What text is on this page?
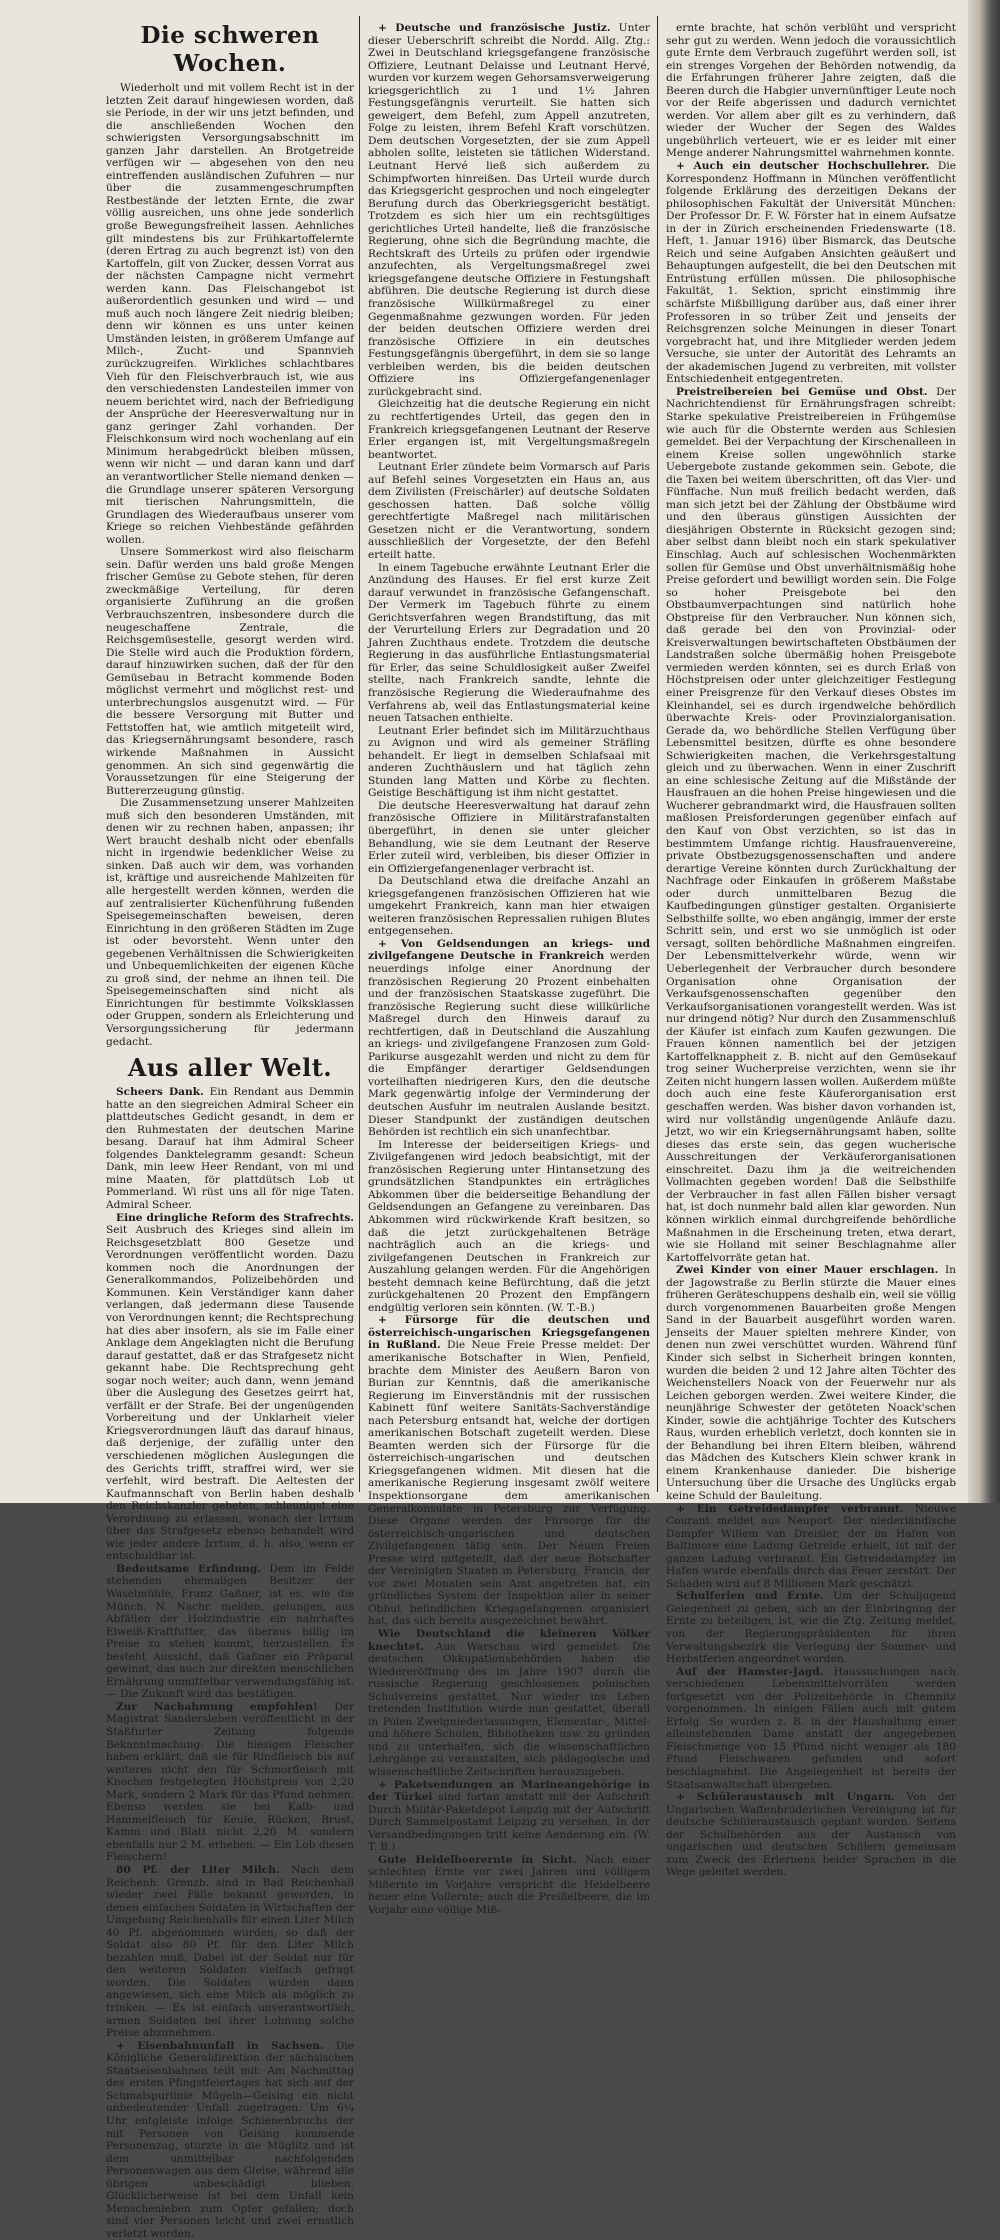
Die schweren Wochen.

Wiederholt und mit vollem Recht ist in der letzten Zeit darauf hingewiesen worden, daß sie Periode, in der wir uns jetzt befinden, und die anschließenden Wochen den schwierigsten Versorgungsabschnitt im ganzen Jahr darstellen. An Brotgetreide verfügen wir — abgesehen von den neu eintreffenden ausländischen Zufuhren — nur über die zusammengeschrumpften Restbestände der letzten Ernte, die zwar völlig ausreichen, uns ohne jede sonderlich große Bewegungsfreiheit lassen. Aehnliches gilt mindestens bis zur Frühkartoffelernte (deren Ertrag zu auch begrenzt ist) von den Kartoffeln, gilt von Zucker, dessen Vorrat aus der nächsten Campagne nicht vermehrt werden kann. Das Fleischangebot ist außerordentlich gesunken und wird — und muß auch noch längere Zeit niedrig bleiben; denn wir können es uns unter keinen Umständen leisten, in größerem Umfange auf Milch-, Zucht- und Spannvieh zurückzugreifen. Wirkliches schlachtbares Vieh für den Fleischverbrauch ist, wie aus den verschiedensten Landesteilen immer von neuem berichtet wird, nach der Befriedigung der Ansprüche der Heeresverwaltung nur in ganz geringer Zahl vorhanden. Der Fleischkonsum wird noch wochenlang auf ein Minimum herabgedrückt bleiben müssen, wenn wir nicht — und daran kann und darf an verantwortlicher Stelle niemand denken — die Grundlage unserer späteren Versorgung mit tierischen Nahrungsmitteln, die Grundlagen des Wiederaufbaus unserer vom Kriege so reichen Viehbestände gefährden wollen.

Unsere Sommerkost wird also fleischarm sein. Dafür werden uns bald große Mengen frischer Gemüse zu Gebote stehen, für deren zweckmäßige Verteilung, für deren organisierte Zuführung an die großen Verbrauchszentren, insbesondere durch die neugeschaffene Zentrale, die Reichsgemüsestelle, gesorgt werden wird. Die Stelle wird auch die Produktion fördern, darauf hinzuwirken suchen, daß der für den Gemüsebau in Betracht kommende Boden möglichst vermehrt und möglichst rest- und unterbrechungslos ausgenutzt wird. — Für die bessere Versorgung mit Butter und Fettstoffen hat, wie amtlich mitgeteilt wird, das Kriegsernährungsamt besondere, rasch wirkende Maßnahmen in Aussicht genommen. An sich sind gegenwärtig die Voraussetzungen für eine Steigerung der Buttererzeugung günstig.

Die Zusammensetzung unserer Mahlzeiten muß sich den besonderen Umständen, mit denen wir zu rechnen haben, anpassen; ihr Wert braucht deshalb nicht oder ebenfalls nicht in irgendwie bedenklicher Weise zu sinken. Daß auch wir dem, was vorhanden ist, kräftige und ausreichende Mahlzeiten für alle hergestellt werden können, werden die auf zentralisierter Küchenführung fußenden Speisegemeinschaften beweisen, deren Einrichtung in den größeren Städten im Zuge ist oder bevorsteht. Wenn unter den gegebenen Verhältnissen die Schwierigkeiten und Unbequemlichkeiten der eigenen Küche zu groß sind, der nehme an ihnen teil. Die Speisegemeinschaften sind nicht als Einrichtungen für bestimmte Volksklassen oder Gruppen, sondern als Erleichterung und Versorgungssicherung für jedermann gedacht.

Aus aller Welt.

Scheers Dank. Ein Rendant aus Demmin hatte an den siegreichen Admiral Scheer ein plattdeutsches Gedicht gesandt, in dem er den Ruhmestaten der deutschen Marine besang. Darauf hat ihm Admiral Scheer folgendes Danktelegramm gesandt: Scheun Dank, min leew Heer Rendant, von mi und mine Maaten, för plattdütsch Lob ut Pommerland. Wi rüst uns all för nige Taten. Admiral Scheer.

Eine dringliche Reform des Strafrechts. Seit Ausbruch des Krieges sind allein im Reichsgesetzblatt 800 Gesetze und Verordnungen veröffentlicht worden. Dazu kommen noch die Anordnungen der Generalkommandos, Polizeibehörden und Kommunen. Kein Verständiger kann daher verlangen, daß jedermann diese Tausende von Verordnungen kennt; die Rechtsprechung hat dies aber insofern, als sie im Falle einer Anklage dem Angeklagten nicht die Berufung darauf gestattet, daß er das Strafgesetz nicht gekannt habe. Die Rechtsprechung geht sogar noch weiter; auch dann, wenn jemand über die Auslegung des Gesetzes geirrt hat, verfällt er der Strafe. Bei der ungenügenden Vorbereitung und der Unklarheit vieler Kriegsverordnungen läuft das darauf hinaus, daß derjenige, der zufällig unter den verschiedenen möglichen Auslegungen die des Gerichts trifft, straffrei wird, wer sie verfehlt, wird bestraft. Die Aeltesten der Kaufmannschaft von Berlin haben deshalb den Reichskanzler gebeten, schleunigst eine Verordnung zu erlassen, wonach der Irrtum über das Strafgesetz ebenso behandelt wird wie jeder andere Irrtum, d. h. also, wenn er entschuldbar ist.

Bedeutsame Erfindung. Dem im Felde stehenden ehemaligen Besitzer der Waselmühle, Franz Gaßner, ist es, wie die Münch. N. Nachr. melden, gelungen, aus Abfällen der Holzindustrie ein nahrhaftes Eiweiß-Kraftfutter, das überaus billig im Preise zu stehen kommt, herzustellen. Es besteht Aussicht, daß Gaßner ein Präparat gewinnt, das auch zur direkten menschlichen Ernährung unmittelbar verwendungsfähig ist. — Die Zukunft wird das bestätigen.

Zur Nachahmung empfohlen! Der Magistrat Sandersleben veröffentlicht in der Staßfurter Zeitung folgende Bekanntmachung: Die hiesigen Fleischer haben erklärt, daß sie für Rindfleisch bis auf weiteres nicht den für Schmorfleisch mit Knochen festgelegten Höchstpreis von 2,20 Mark, sondern 2 Mark für das Pfund nehmen. Ebenso werden sie bei Kalb- und Hammelfleisch für Keule, Rücken, Brust, Kamm und Blatt nicht 2,20 M. sondern ebenfalls nur 2 M. erheben. — Ein Lob diesen Fleischern!

80 Pf. der Liter Milch. Nach dem Reichenh. Grenzb. sind in Bad Reichenhall wieder zwei Fälle bekannt geworden, in denen einfachen Soldaten in Wirtschaften der Umgebung Reichenhalls für einen Liter Milch 40 Pf. abgenommen wurden, so daß der Soldat also 80 Pf. für den Liter Milch bezahlen muß. Dabei ist der Soldat nur für den weiteren Soldaten vielfach gefragt worden. Die Soldaten wurden dann angewiesen, sich eine Milch als möglich zu trinken. — Es ist einfach unverantwortlich, armen Soldaten bei ihrer Lohnung solche Preise abzunehmen.

+ Eisenbahnunfall in Sachsen. Die Königliche Generaldirektion der sächsischen Staatseisenbahnen teilt mit: Am Nachmittag des ersten Pfingstfeiertages hat sich auf der Schmalspurlinie Mügeln—Geising ein nicht unbedeutender Unfall zugetragen. Um 6¼ Uhr entgleiste infolge Schienenbruchs der mit Personen von Geising kommende Personenzug, stürzte in die Müglitz und ist dem unmittelbar nachfolgenden Personenwagen aus dem Gleise, während alle übrigen unbeschädigt blieben. Glücklicherweise ist bei dem Unfall kein Menschenleben zum Opfer gefallen; doch sind vier Personen leicht und zwei ernstlich verletzt worden.

+ Deutsche und französische Justiz. Unter dieser Ueberschrift schreibt die Nordd. Allg. Ztg.: Zwei in Deutschland kriegsgefangene französische Offiziere, Leutnant Delaisse und Leutnant Hervé, wurden vor kurzem wegen Gehorsamsverweigerung kriegsgerichtlich zu 1 und 1½ Jahren Festungsgefängnis verurteilt. Sie hatten sich geweigert, dem Befehl, zum Appell anzutreten, Folge zu leisten, ihrem Befehl Kraft vorschützen. Dem deutschen Vorgesetzten, der sie zum Appell abholen sollte, leisteten sie tätlichen Widerstand. Leutnant Hervé ließ sich außerdem zu Schimpfworten hinreißen. Das Urteil wurde durch das Kriegsgericht gesprochen und noch eingelegter Berufung durch das Oberkriegsgericht bestätigt. Trotzdem es sich hier um ein rechtsgültiges gerichtliches Urteil handelte, ließ die französische Regierung, ohne sich die Begründung machte, die Rechtskraft des Urteils zu prüfen oder irgendwie anzufechten, als Vergeltungsmaßregel zwei kriegsgefangene deutsche Offiziere in Festungshaft abführen. Die deutsche Regierung ist durch diese französische Willkürmaßregel zu einer Gegenmaßnahme gezwungen worden. Für jeden der beiden deutschen Offiziere werden drei französische Offiziere in ein deutsches Festungsgefängnis übergeführt, in dem sie so lange verbleiben werden, bis die beiden deutschen Offiziere ins Offiziergefangenenlager zurückgebracht sind.

Gleichzeitig hat die deutsche Regierung ein nicht zu rechtfertigendes Urteil, das gegen den in Frankreich kriegsgefangenen Leutnant der Reserve Erler ergangen ist, mit Vergeltungsmaßregeln beantwortet.

Leutnant Erler zündete beim Vormarsch auf Paris auf Befehl seines Vorgesetzten ein Haus an, aus dem Zivilisten (Freischärler) auf deutsche Soldaten geschossen hatten. Daß solche völlig gerechtfertigte Maßregel nach militärischen Gesetzen nicht er die Verantwortung, sondern ausschließlich der Vorgesetzte, der den Befehl erteilt hatte.

In einem Tagebuche erwähnte Leutnant Erler die Anzündung des Hauses. Er fiel erst kurze Zeit darauf verwundet in französische Gefangenschaft. Der Vermerk im Tagebuch führte zu einem Gerichtsverfahren wegen Brandstiftung, das mit der Verurteilung Erlers zur Degradation und 20 Jahren Zuchthaus endete. Trotzdem die deutsche Regierung in das ausführliche Entlastungsmaterial für Erler, das seine Schuldlosigkeit außer Zweifel stellte, nach Frankreich sandte, lehnte die französische Regierung die Wiederaufnahme des Verfahrens ab, weil das Entlastungsmaterial keine neuen Tatsachen enthielte.

Leutnant Erler befindet sich im Militärzuchthaus zu Avignon und wird als gemeiner Sträfling behandelt. Er liegt in demselben Schlafsaal mit anderen Zuchthäuslern und hat täglich zehn Stunden lang Matten und Körbe zu flechten. Geistige Beschäftigung ist ihm nicht gestattet.

Die deutsche Heeresverwaltung hat darauf zehn französische Offiziere in Militärstrafanstalten übergeführt, in denen sie unter gleicher Behandlung, wie sie dem Leutnant der Reserve Erler zuteil wird, verbleiben, bis dieser Offizier in ein Offiziergefangenenlager verbracht ist.

Da Deutschland etwa die dreifache Anzahl an kriegsgefangenen französischen Offizieren hat wie umgekehrt Frankreich, kann man hier etwaigen weiteren französischen Repressalien ruhigen Blutes entgegensehen.

+ Von Geldsendungen an kriegs- und zivilgefangene Deutsche in Frankreich werden neuerdings infolge einer Anordnung der französischen Regierung 20 Prozent einbehalten und der französischen Staatskasse zugeführt. Die französische Regierung sucht diese willkürliche Maßregel durch den Hinweis darauf zu rechtfertigen, daß in Deutschland die Auszahlung an kriegs- und zivilgefangene Franzosen zum Gold-Parikurse ausgezahlt werden und nicht zu dem für die Empfänger derartiger Geldsendungen vorteilhaften niedrigeren Kurs, den die deutsche Mark gegenwärtig infolge der Verminderung der deutschen Ausfuhr im neutralen Auslande besitzt. Dieser Standpunkt der zuständigen deutschen Behörden ist rechtlich ein sich unanfechtbar.

Im Interesse der beiderseitigen Kriegs- und Zivilgefangenen wird jedoch beabsichtigt, mit der französischen Regierung unter Hintansetzung des grundsätzlichen Standpunktes ein erträgliches Abkommen über die beiderseitige Behandlung der Geldsendungen an Gefangene zu vereinbaren. Das Abkommen wird rückwirkende Kraft besitzen, so daß die jetzt zurückgehaltenen Beträge nachträglich auch an die kriegs- und zivilgefangenen Deutschen in Frankreich zur Auszahlung gelangen werden. Für die Angehörigen besteht demnach keine Befürchtung, daß die jetzt zurückgehaltenen 20 Prozent den Empfängern endgültig verloren sein könnten. (W. T.-B.)

+ Fürsorge für die deutschen und österreichisch-ungarischen Kriegsgefangenen in Rußland. Die Neue Freie Presse meldet: Der amerikanische Botschafter in Wien, Penfield, brachte dem Minister des Aeußern Baron von Burian zur Kenntnis, daß die amerikanische Regierung im Einverständnis mit der russischen Kabinett fünf weitere Sanitäts-Sachverständige nach Petersburg entsandt hat, welche der dortigen amerikanischen Botschaft zugeteilt werden. Diese Beamten werden sich der Fürsorge für die österreichisch-ungarischen und deutschen Kriegsgefangenen widmen. Mit diesen hat die amerikanische Regierung insgesamt zwölf weitere Inspektionsorgane dem amerikanischen Generalkonsulate in Petersburg zur Verfügung. Diese Organe werden der Fürsorge für die österreichisch-ungarischen und deutschen Zivilgefangenen tätig sein. Der Neuen Freien Presse wird mitgeteilt, daß der neue Botschafter der Vereinigten Staaten in Petersburg, Francis, der vor zwei Monaten sein Amt angetreten hat, ein gründliches System der Inspektion aller in seiner Obhut befindlichen Kriegsgefangenen organisiert hat, das sich bereits ausgezeichnet bewährt.

Wie Deutschland die kleineren Völker knechtet. Aus Warschau wird gemeldet: Die deutschen Okkupationsbehörden haben die Wiedereröffnung des im Jahre 1907 durch die russische Regierung geschlossenen polnischen Schulvereins gestattet. Nur wieder ins Leben tretenden Institution wurde nun gestattet, überall in Polen Zweigniederlassungen, Elementar-, Mittel- und höhere Schulen, Bibliotheken usw. zu gründen und zu unterhalten, sich die wissenschaftlichen Lehrgänge zu veranstalten, sich pädagogische und wissenschaftliche Zeitschriften herauszugeben.

+ Paketsendungen an Marineangehörige in der Türkei sind fortan anstatt mit der Aufschrift Durch Militär-Paketdepot Leipzig mit der Aufschrift Durch Sammelpostamt Leipzig zu versehen. In der Versandbedingungen tritt keine Aenderung ein. (W. T. B.)

Gute Heidelbeerernte in Sicht. Nach einer schlechten Ernte vor zwei Jahren und völligem Mißernte im Vorjahre verspricht die Heidelbeere heuer eine Vollernte; auch die Preißelbeere, die im Vorjahr eine völlige Miß-

ernte brachte, hat schön verblüht und verspricht sehr gut zu werden. Wenn jedoch die voraussichtlich gute Ernte dem Verbrauch zugeführt werden soll, ist ein strenges Vorgehen der Behörden notwendig, da die Erfahrungen früherer Jahre zeigten, daß die Beeren durch die Habgier unvernünftiger Leute noch vor der Reife abgerissen und dadurch vernichtet werden. Vor allem aber gilt es zu verhindern, daß wieder der Wucher der Segen des Waldes ungebührlich verteuert, wie er es leider mit einer Menge anderer Nahrungsmittel wahrnehmen konnte.

+ Auch ein deutscher Hochschullehrer. Die Korrespondenz Hoffmann in München veröffentlicht folgende Erklärung des derzeitigen Dekans der philosophischen Fakultät der Universität München: Der Professor Dr. F. W. Förster hat in einem Aufsatze in der in Zürich erscheinenden Friedenswarte (18. Heft, 1. Januar 1916) über Bismarck, das Deutsche Reich und seine Aufgaben Ansichten geäußert und Behauptungen aufgestellt, die bei den Deutschen mit Entrüstung erfüllen müssen. Die philosophische Fakultät, 1. Sektion, spricht einstimmig ihre schärfste Mißbilligung darüber aus, daß einer ihrer Professoren in so trüber Zeit und jenseits der Reichsgrenzen solche Meinungen in dieser Tonart vorgebracht hat, und ihre Mitglieder werden jedem Versuche, sie unter der Autorität des Lehramts an der akademischen Jugend zu verbreiten, mit vollster Entschiedenheit entgegentreten.

Preistreibereien bei Gemüse und Obst. Der Nachrichtendienst für Ernährungsfragen schreibt: Starke spekulative Preistreibereien in Frühgemüse wie auch für die Obsternte werden aus Schlesien gemeldet. Bei der Verpachtung der Kirschenalleen in einem Kreise sollen ungewöhnlich starke Uebergebote zustande gekommen sein. Gebote, die die Taxen bei weitem überschritten, oft das Vier- und Fünffache. Nun muß freilich bedacht werden, daß man sich jetzt bei der Zählung der Obstbäume wird und den überaus günstigen Aussichten der diesjährigen Obsternte in Rücksicht gezogen sind; aber selbst dann bleibt noch ein stark spekulativer Einschlag. Auch auf schlesischen Wochenmärkten sollen für Gemüse und Obst unverhältnismäßig hohe Preise gefordert und bewilligt worden sein. Die Folge so hoher Preisgebote bei den Obstbaumverpachtungen sind natürlich hohe Obstpreise für den Verbraucher. Nun können sich, daß gerade bei den von Provinzial- oder Kreisverwaltungen bewirtschafteten Obstbäumen der Landstraßen solche übermäßig hohen Preisgebote vermieden werden könnten, sei es durch Erlaß von Höchstpreisen oder unter gleichzeitiger Festlegung einer Preisgrenze für den Verkauf dieses Obstes im Kleinhandel, sei es durch irgendwelche behördlich überwachte Kreis- oder Provinzialorganisation. Gerade da, wo behördliche Stellen Verfügung über Lebensmittel besitzen, dürfte es ohne besondere Schwierigkeiten machen, die Verkehrsgestaltung gleich und zu überwachen. Wenn in einer Zuschrift an eine schlesische Zeitung auf die Mißstände der Hausfrauen an die hohen Preise hingewiesen und die Wucherer gebrandmarkt wird, die Hausfrauen sollten maßlosen Preisforderungen gegenüber einfach auf den Kauf von Obst verzichten, so ist das in bestimmtem Umfange richtig. Hausfrauenvereine, private Obstbezugsgenossenschaften und andere derartige Vereine könnten durch Zurückhaltung der Nachfrage oder Einkaufen in größerem Maßstabe oder durch unmittelbaren Bezug die Kaufbedingungen günstiger gestalten. Organisierte Selbsthilfe sollte, wo eben angängig, immer der erste Schritt sein, und erst wo sie unmöglich ist oder versagt, sollten behördliche Maßnahmen eingreifen. Der Lebensmittelverkehr würde, wenn wir Ueberlegenheit der Verbraucher durch besondere Organisation ohne Organisation der Verkaufsgenossenschaften gegenüber den Verkaufsorganisationen vorangestellt werden. Was ist nur dringend nötig? Nur durch den Zusammenschluß der Käufer ist einfach zum Kaufen gezwungen. Die Frauen können namentlich bei der jetzigen Kartoffelknappheit z. B. nicht auf den Gemüsekauf trog seiner Wucherpreise verzichten, wenn sie ihr Zeiten nicht hungern lassen wollen. Außerdem müßte doch auch eine feste Käuferorganisation erst geschaffen werden. Was bisher davon vorhanden ist, wird nur vollständig ungenügende Anläufe dazu. Jetzt, wo wir ein Kriegsernährungsamt haben, sollte dieses das erste sein, das gegen wucherische Ausschreitungen der Verkäuferorganisationen einschreitet. Dazu ihm ja die weitreichenden Vollmachten gegeben worden! Daß die Selbsthilfe der Verbraucher in fast allen Fällen bisher versagt hat, ist doch nunmehr bald allen klar geworden. Nun können wirklich einmal durchgreifende behördliche Maßnahmen in die Erscheinung treten, etwa derart, wie sie Holland mit seiner Beschlagnahme aller Kartoffelvorräte getan hat.

Zwei Kinder von einer Mauer erschlagen. In der Jagowstraße zu Berlin stürzte die Mauer eines früheren Geräteschuppens deshalb ein, weil sie völlig durch vorgenommenen Bauarbeiten große Mengen Sand in der Bauarbeit ausgeführt worden waren. Jenseits der Mauer spielten mehrere Kinder, von denen nun zwei verschüttet wurden. Während fünf Kinder sich selbst in Sicherheit bringen konnten, wurden die beiden 2 und 12 Jahre alten Töchter des Weichenstellers Noack von der Feuerwehr nur als Leichen geborgen werden. Zwei weitere Kinder, die neunjährige Schwester der getöteten Noack'schen Kinder, sowie die achtjährige Tochter des Kutschers Raus, wurden erheblich verletzt, doch konnten sie in der Behandlung bei ihren Eltern bleiben, während das Mädchen des Kutschers Klein schwer krank in einem Krankenhause danieder. Die bisherige Untersuchung über die Ursache des Unglücks ergab keine Schuld der Bauleitung.

+ Ein Getreidedampfer verbrannt. Nieuwe Courant meldet aus Neuport: Der niederländische Dampfer Willem van Dreisler, der im Hafen von Baltimore eine Ladung Getreide erhielt, ist mit der ganzen Ladung verbrannt. Ein Getreidedampfer im Hafen wurde ebenfalls durch das Feuer zerstört. Der Schaden wird auf 8 Millionen Mark geschätzt.

Schulferien und Ernte. Um der Schuljugend Gelegenheit zu geben, sich an der Einbringung der Ernte zu beteiligen, ist, wie die Ztg. Zeitung meldet, von der Regierungspräsidenten für ihren Verwaltungsbezirk die Verlegung der Sommer- und Herbstferien angeordnet worden.

Auf der Hamster-Jagd. Haussuchungen nach verschiedenen Lebensmittelvorräten werden fortgesetzt von der Polizeibehörde in Chemnitz vorgenommen. In einigen Fällen auch mit gutem Erfolg. So wurden z. B. in der Haushaltung einer alleinstehenden Dame anstatt der angegebenen Fleischmenge von 15 Pfund nicht weniger als 180 Pfund Fleischwaren gefunden und sofort beschlagnahmt. Die Angelegenheit ist bereits der Staatsanwaltschaft übergeben.

+ Schüleraustausch mit Ungarn. Von der Ungarischen Waffenbrüderlichen Vereinigung ist für deutsche Schüleraustausch geplant worden. Seitens der Schulbehörden aus der Austausch von ungarischen und deutschen Schülern gemeinsam zum Zweck des Erlernens beider Sprachen in die Wege geleitet werden.
